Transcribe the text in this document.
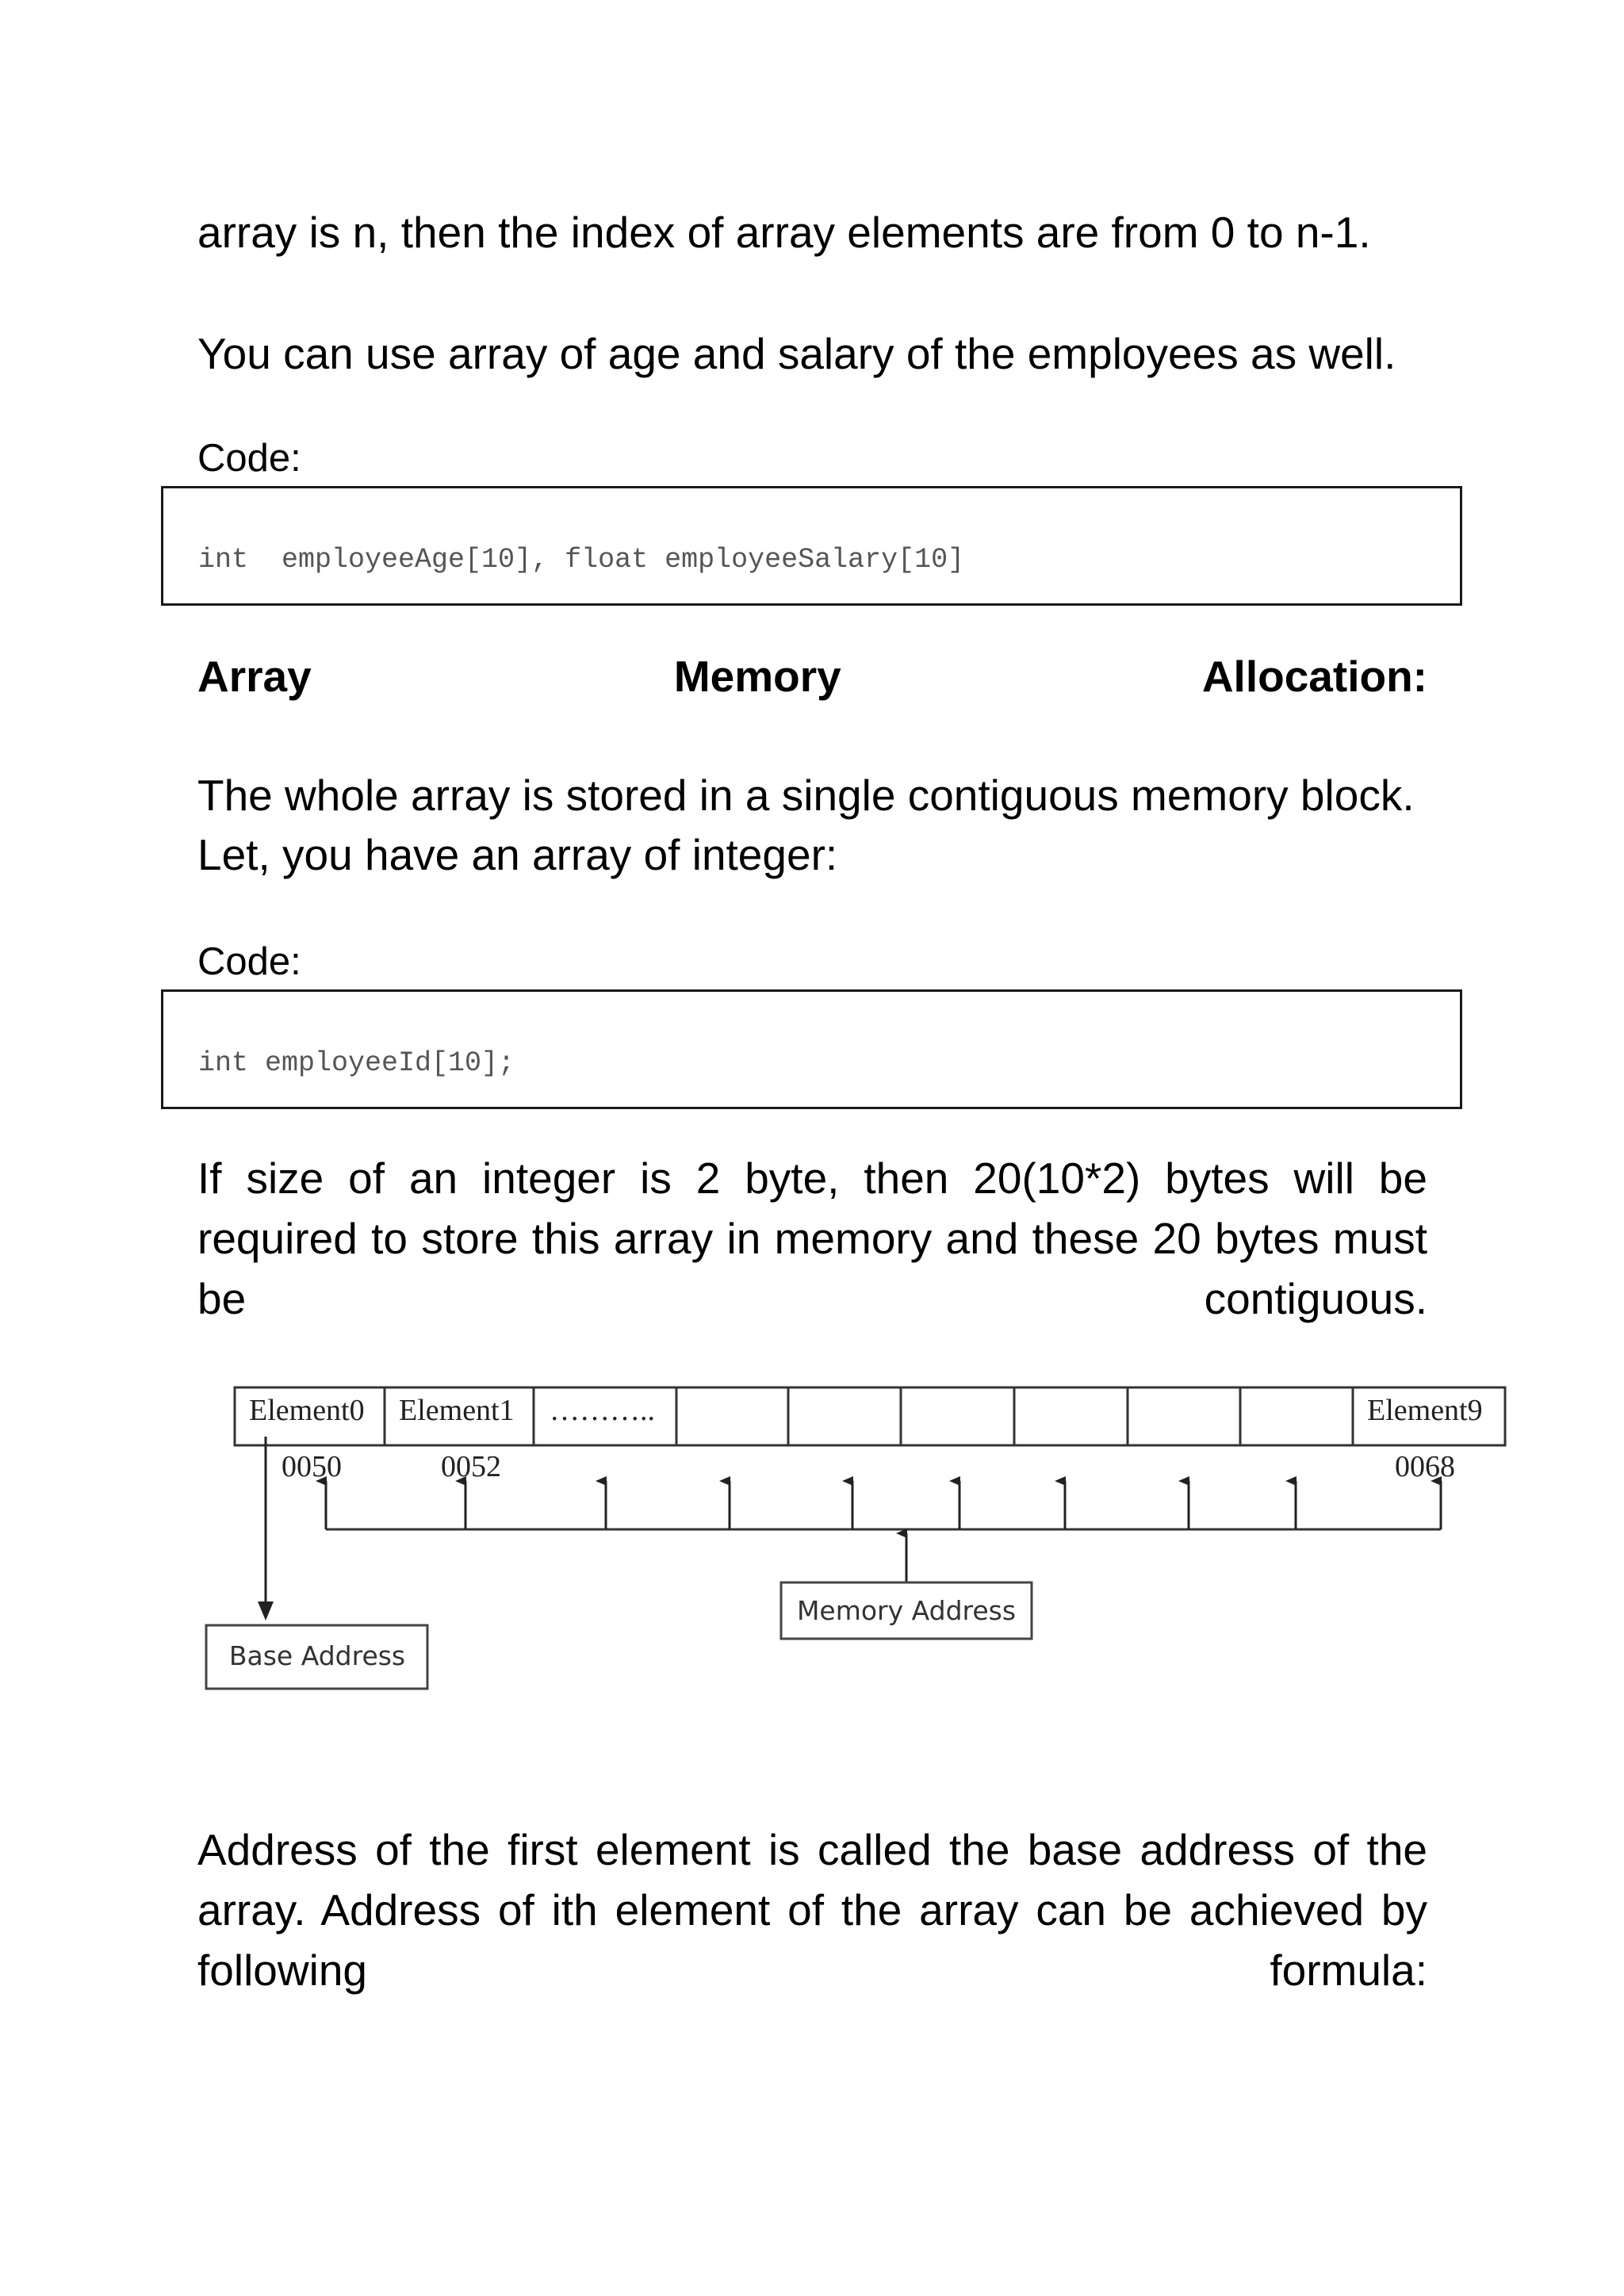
array is n, then the index of array elements are from 0 to n-1.

You can use array of age and salary of the employees as well.

Code:

int  employeeAge[10], float employeeSalary[10]

Array Memory Allocation:

The whole array is stored in a single contiguous memory block.

Let, you have an array of integer:

Code:

int employeeId[10];

If size of an integer is 2 byte, then 20(10*2) bytes will be required to store this array in memory and these 20 bytes must be contiguous.

Element0 Element1 ………..	Element9
0050	0052	0068
Memory Address
Base Address

Address of the first element is called the base address of the array. Address of ith element of the array can be achieved by following formula:
